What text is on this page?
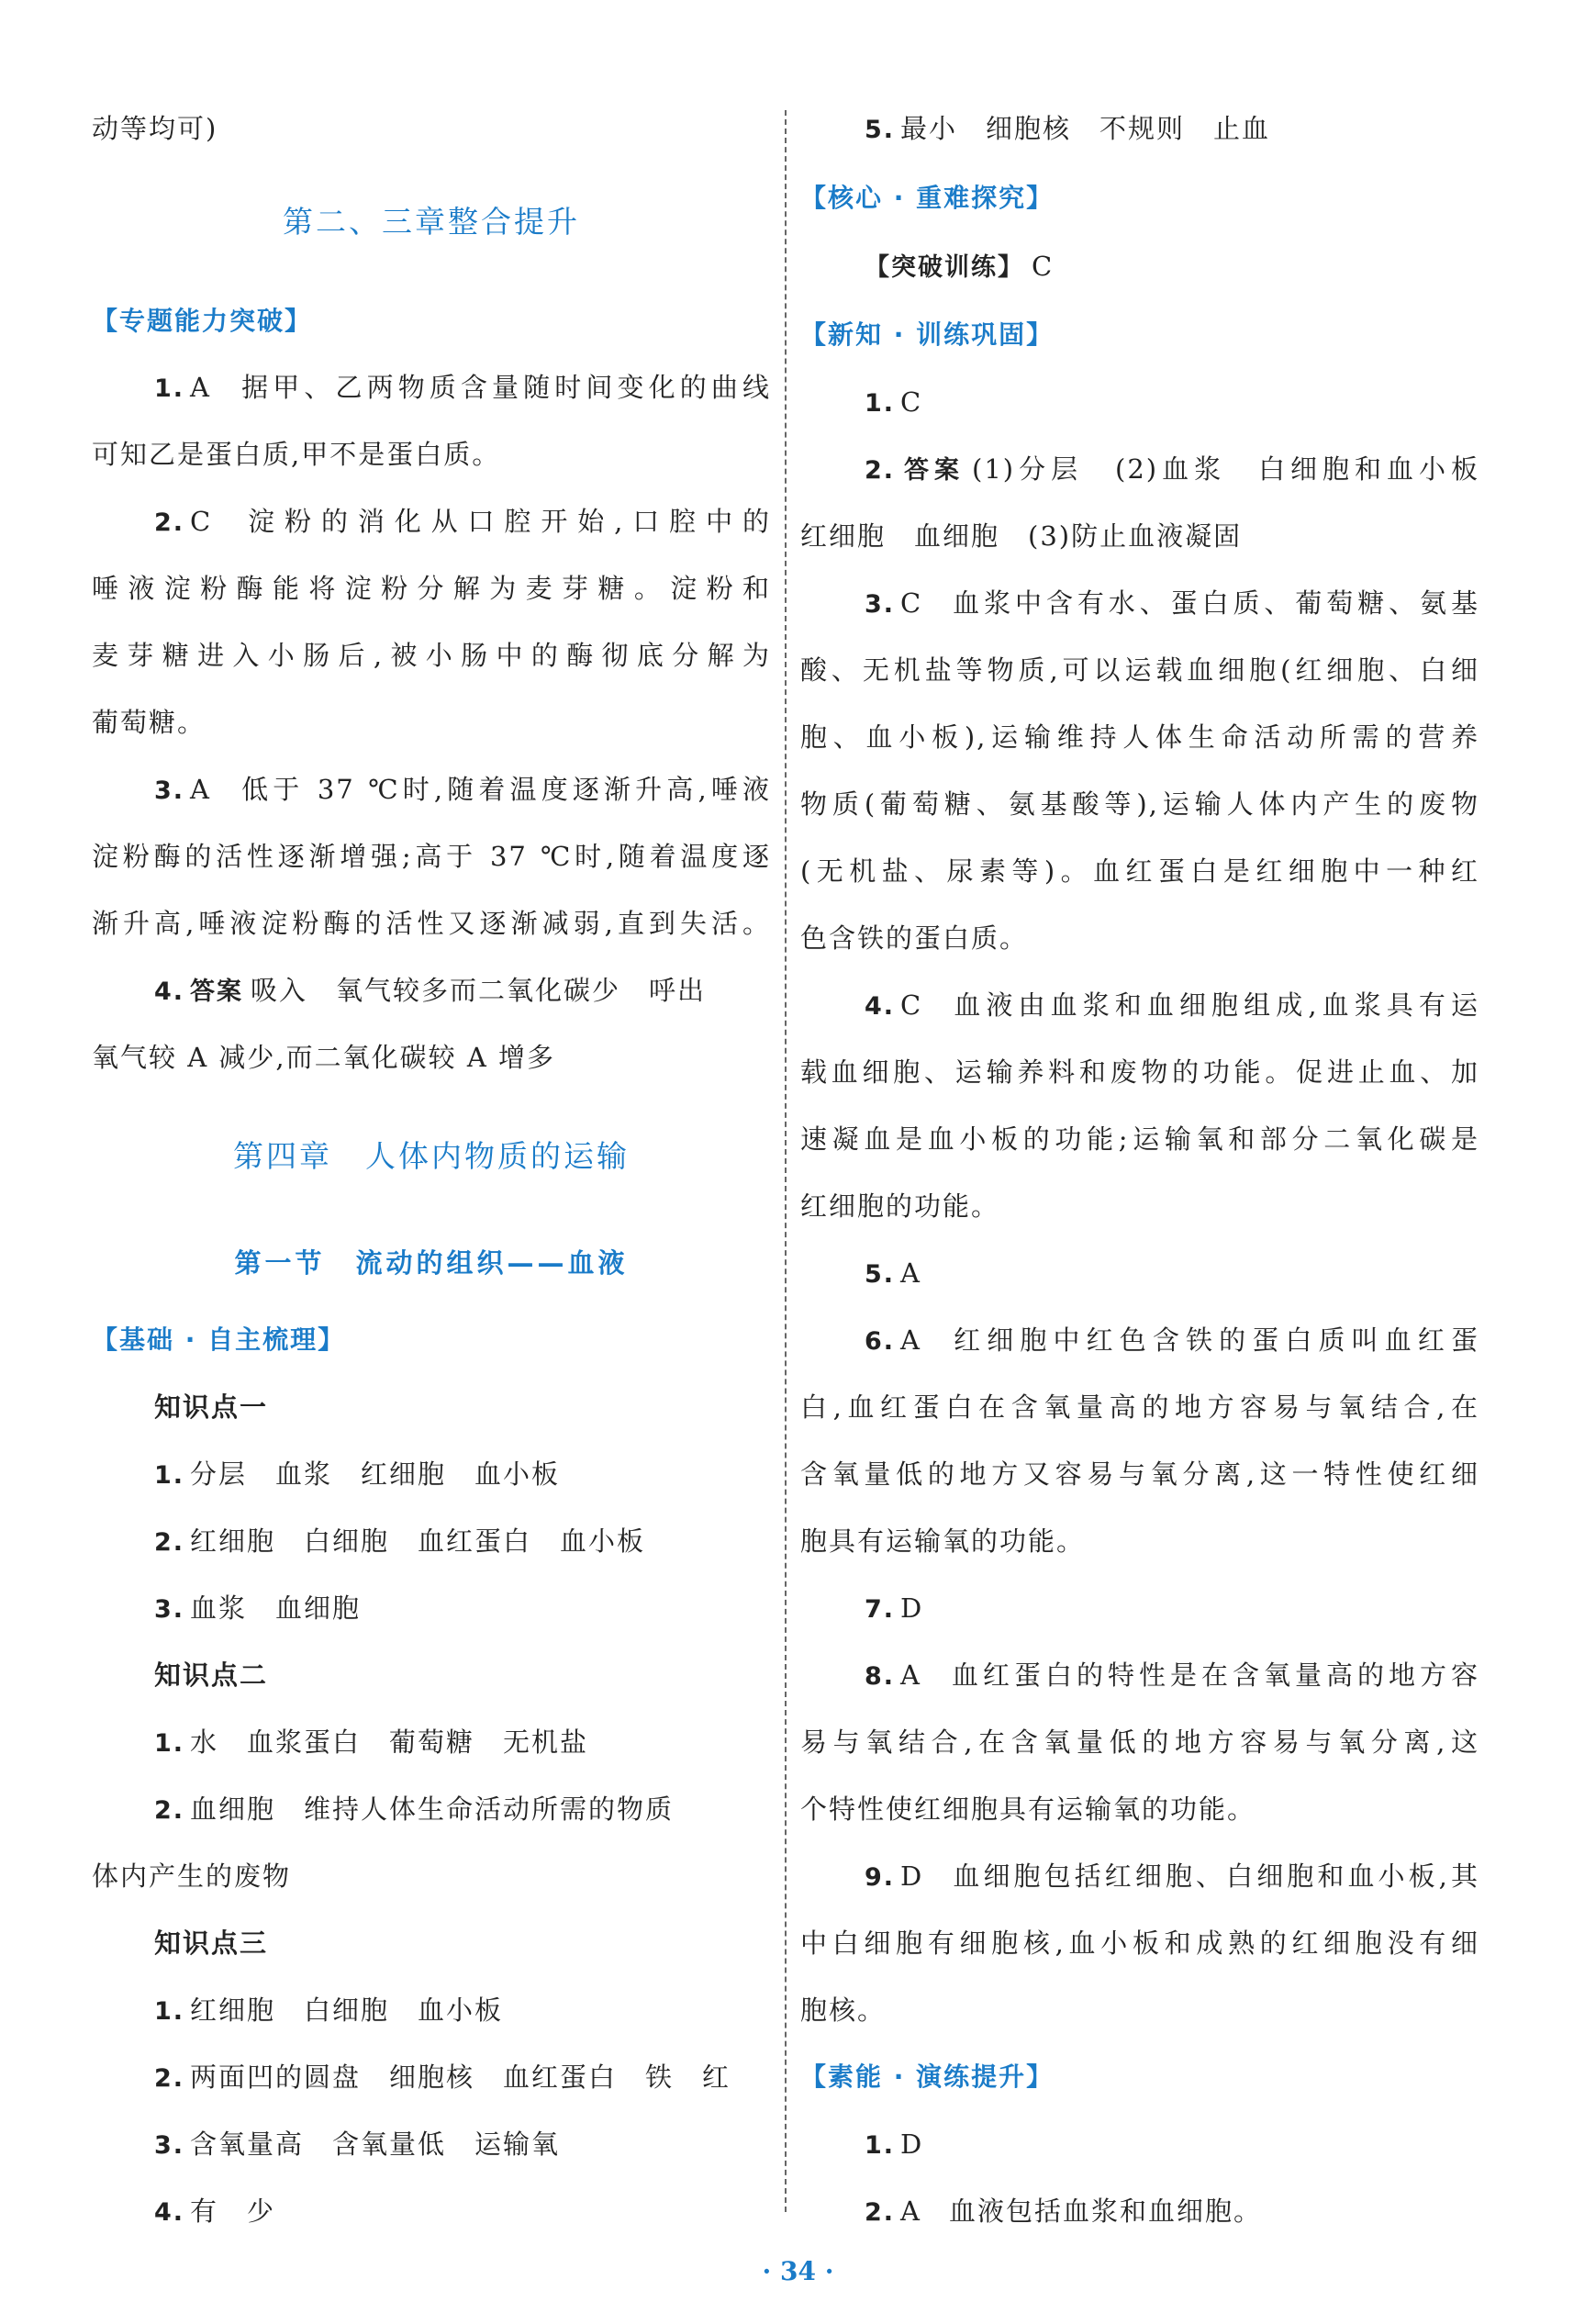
动等均可)
第二、三章整合提升
【专题能力突破】
1. A 据甲、乙两物质含量随时间变化的曲线
可知乙是蛋白质,甲不是蛋白质。
2. C 淀粉的消化从口腔开始,口腔中的
唾液淀粉酶能将淀粉分解为麦芽糖。淀粉和
麦芽糖进入小肠后,被小肠中的酶彻底分解为
葡萄糖。
3. A 低于 37 ℃时,随着温度逐渐升高,唾液
淀粉酶的活性逐渐增强;高于 37 ℃时,随着温度逐
渐升高,唾液淀粉酶的活性又逐渐减弱,直到失活。
4. 答案 吸入　氧气较多而二氧化碳少　呼出
氧气较 A 减少,而二氧化碳较 A 增多
第四章　人体内物质的运输
第一节　流动的组织——血液
【基础 · 自主梳理】
知识点一
1. 分层　血浆　红细胞　血小板
2. 红细胞　白细胞　血红蛋白　血小板
3. 血浆　血细胞
知识点二
1. 水　血浆蛋白　葡萄糖　无机盐
2. 血细胞　维持人体生命活动所需的物质
体内产生的废物
知识点三
1. 红细胞　白细胞　血小板
2. 两面凹的圆盘　细胞核　血红蛋白　铁　红
3. 含氧量高　含氧量低　运输氧
4. 有　少
5. 最小　细胞核　不规则　止血
【核心 · 重难探究】
【突破训练】 C
【新知 · 训练巩固】
1. C
2. 答案 (1)分层　(2)血浆　白细胞和血小板
红细胞　血细胞　(3)防止血液凝固
3. C 血浆中含有水、蛋白质、葡萄糖、氨基
酸、无机盐等物质,可以运载血细胞(红细胞、白细
胞、血小板),运输维持人体生命活动所需的营养
物质(葡萄糖、氨基酸等),运输人体内产生的废物
(无机盐、尿素等)。血红蛋白是红细胞中一种红
色含铁的蛋白质。
4. C 血液由血浆和血细胞组成,血浆具有运
载血细胞、运输养料和废物的功能。促进止血、加
速凝血是血小板的功能;运输氧和部分二氧化碳是
红细胞的功能。
5. A
6. A 红细胞中红色含铁的蛋白质叫血红蛋
白,血红蛋白在含氧量高的地方容易与氧结合,在
含氧量低的地方又容易与氧分离,这一特性使红细
胞具有运输氧的功能。
7. D
8. A 血红蛋白的特性是在含氧量高的地方容
易与氧结合,在含氧量低的地方容易与氧分离,这
个特性使红细胞具有运输氧的功能。
9. D 血细胞包括红细胞、白细胞和血小板,其
中白细胞有细胞核,血小板和成熟的红细胞没有细
胞核。
【素能 · 演练提升】
1. D
2. A 血液包括血浆和血细胞。
· 34 ·
